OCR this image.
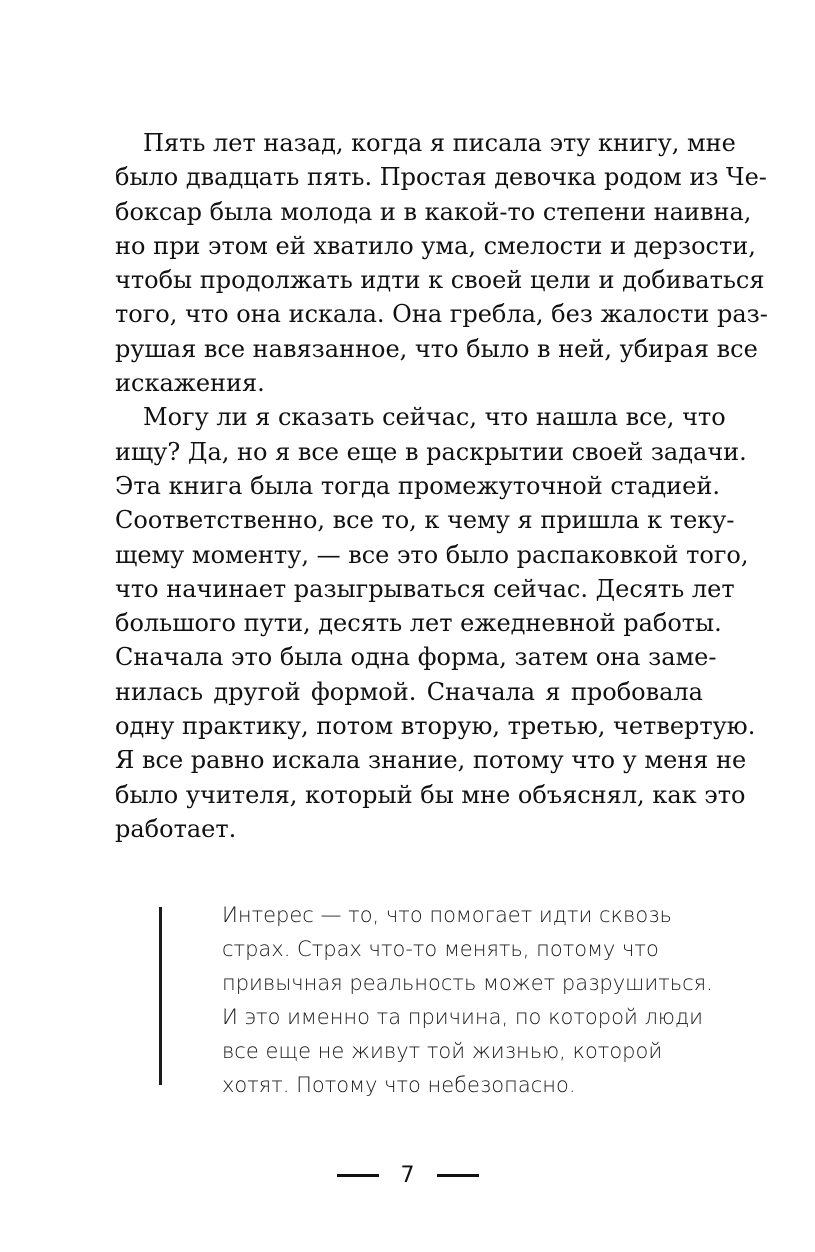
Пять лет назад, когда я писала эту книгу, мне
было двадцать пять. Простая девочка родом из Че-
боксар была молода и в какой-то степени наивна,
но при этом ей хватило ума, смелости и дерзости,
чтобы продолжать идти к своей цели и добиваться
того, что она искала. Она гребла, без жалости раз-
рушая все навязанное, что было в ней, убирая все
искажения.
Могу ли я сказать сейчас, что нашла все, что
ищу? Да, но я все еще в раскрытии своей задачи.
Эта книга была тогда промежуточной стадией.
Соответственно, все то, к чему я пришла к теку-
щему моменту, — все это было распаковкой того,
что начинает разыгрываться сейчас. Десять лет
большого пути, десять лет ежедневной работы.
Сначала это была одна форма, затем она заме-
нилась другой формой. Сначала я пробовала
одну практику, потом вторую, третью, четвертую.
Я все равно искала знание, потому что у меня не
было учителя, который бы мне объяснял, как это
работает.
Интерес — то, что помогает идти сквозь
страх. Страх что-то менять, потому что
привычная реальность может разрушиться.
И это именно та причина, по которой люди
все еще не живут той жизнью, которой
хотят. Потому что небезопасно.
7
